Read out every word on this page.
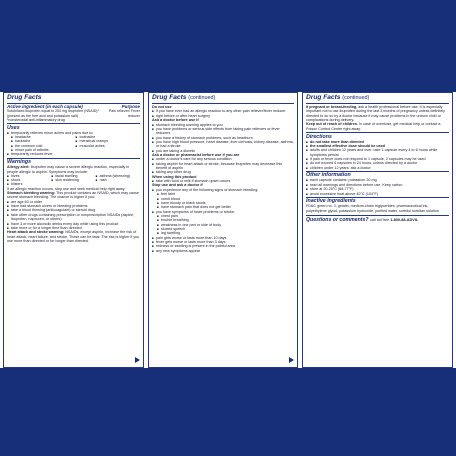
Drug Facts
Active ingredient (in each capsule)	Purpose
Solubilized ibuprofen equal to 200 mg ibuprofen (NSAID)* (present as the free acid and potassium salt) *nonsteroidal anti-inflammatory drug
Pain reliever/ Fever reducer
Uses
■ temporarily relieves minor aches and pains due to:
■ headache	■ toothache
■ backache	■ menstrual cramps
■ the common cold	■ muscular aches
■ minor pain of arthritis
■ temporarily reduces fever
Warnings
Allergy alert: Ibuprofen may cause a severe allergic reaction, especially in people allergic to aspirin. Symptoms may include:
■ hives	■ facial swelling	■ asthma (wheezing)
■ shock	■ skin reddening	■ rash
■ blisters
If an allergic reaction occurs, stop use and seek medical help right away.
Stomach bleeding warning: This product contains an NSAID, which may cause severe stomach bleeding. The chance is higher if you:
■ are age 60 or older
■ have had stomach ulcers or bleeding problems
■ take a blood thinning (anticoagulant) or steroid drug
■ take other drugs containing prescription or nonprescription NSAIDs (aspirin, ibuprofen, naproxen, or others)
■ have 3 or more alcoholic drinks every day while using this product
■ take more or for a longer time than directed
Heart attack and stroke warning: NSAIDs, except aspirin, increase the risk of heart attack, heart failure, and stroke. These can be fatal. The risk is higher if you use more than directed or for longer than directed.
Drug Facts (continued)
Do not use
■ if you have ever had an allergic reaction to any other pain reliever/fever reducer
■ right before or after heart surgery
Ask a doctor before use if
■ stomach bleeding warning applies to you
■ you have problems or serious side effects from taking pain relievers or fever reducers
■ you have a history of stomach problems, such as heartburn
■ you have high blood pressure, heart disease, liver cirrhosis, kidney disease, asthma, or had a stroke
■ you are taking a diuretic
Ask a doctor or pharmacist before use if you are
■ under a doctor's care for any serious condition
■ taking aspirin for heart attack or stroke, because ibuprofen may decrease this benefit of aspirin
■ taking any other drug
When using this product
■ take with food or milk if stomach upset occurs
Stop use and ask a doctor if
■ you experience any of the following signs of stomach bleeding:
■ feel faint
■ vomit blood
■ have bloody or black stools
■ have stomach pain that does not get better
■ you have symptoms of heart problems or stroke:
■ chest pain
■ trouble breathing
■ weakness in one part or side of body
■ slurred speech
■ leg swelling
■ pain gets worse or lasts more than 10 days
■ fever gets worse or lasts more than 3 days
■ redness or swelling is present in the painful area
■ any new symptoms appear
Drug Facts (continued)
If pregnant or breast-feeding, ask a health professional before use. It is especially important not to use ibuprofen during the last 3 months of pregnancy unless definitely directed to do so by a doctor because it may cause problems in the unborn child or complications during delivery.
Keep out of reach of children. In case of overdose, get medical help or contact a Poison Control Center right away.
Directions
■ do not take more than directed
■ the smallest effective dose should be used
■ adults and children 12 years and over: take 1 capsule every 4 to 6 hours while symptoms persist
■ if pain or fever does not respond to 1 capsule, 2 capsules may be used
■ do not exceed 6 capsules in 24 hours, unless directed by a doctor
■ children under 12 years: ask a doctor
Other information
■ each capsule contains: potassium 20 mg
■ read all warnings and directions before use. Keep carton.
■ store at 20-25°C (68-77°F)
■ avoid excessive heat above 40°C (104°F)
Inactive ingredients
FD&C green no. 3, gelatin, medium-chain triglycerides, pharmaceutical ink, polyethylene glycol, potassium hydroxide, purified water, sorbitol sorbitan solution
Questions or comments? call toll free 1-800-88-ADVIL
